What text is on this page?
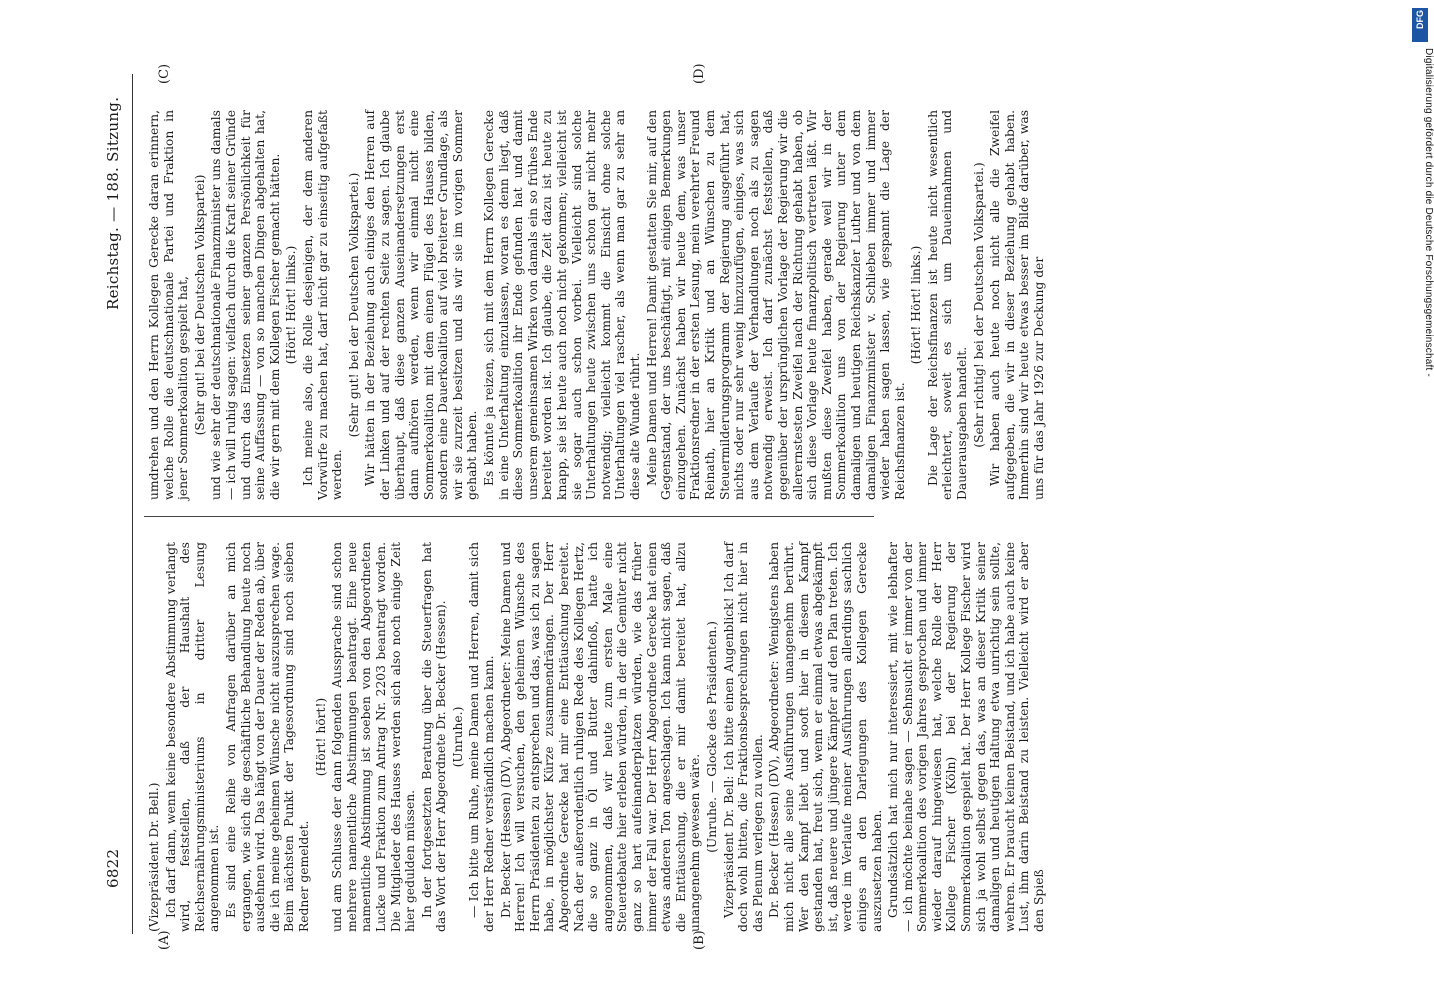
6822
Reichstag. — 188. Sitzung.
(A)	(B)
(C)	(D)

(Vizepräsident Dr. Bell.) Ich darf dann, wenn keine besondere Abstimmung verlangt wird, feststellen, daß der Haushalt des Reichsernährungsministeriums in dritter Lesung angenommen ist. Es sind eine Reihe von Anfragen darüber an mich ergangen, wie sich die geschäftliche Behandlung heute noch ausdehnen wird. Das hängt von der Dauer der Reden ab, über die ich meine geheimen Wünsche nicht auszusprechen wage. Beim nächsten Punkt der Tagesordnung sind noch sieben Redner gemeldet.

(Hört! hört!) und am Schlusse der dann folgenden Aussprache sind schon mehrere namentliche Abstimmungen beantragt. Eine neue namentliche Abstimmung ist soeben von den Abgeordneten Lucke und Fraktion zum Antrag Nr. 2203 beantragt worden. Die Mitglieder des Hauses werden sich also noch einige Zeit hier gedulden müssen. In der fortgesetzten Beratung über die Steuerfragen hat das Wort der Herr Abgeordnete Dr. Becker (Hessen). (Unruhe.) — Ich bitte um Ruhe, meine Damen und Herren, damit sich der Herr Redner verständlich machen kann. Dr. Becker (Hessen) (DV), Abgeordneter: Meine Damen und Herren! Ich will versuchen, den geheimen Wünsche des Herrn Präsidenten zu entsprechen und das, was ich zu sagen habe, in möglichster Kürze zusammendrängen. Der Herr Abgeordnete Gerecke hat mir eine Enttäuschung bereitet. Nach der außerordentlich ruhigen Rede des Kollegen Hertz, die so ganz in Öl und Butter dahinfloß, hatte ich angenommen, daß wir heute zum ersten Male eine Steuerdebatte hier erleben würden, in der die Gemüter nicht ganz so hart aufeinanderplatzen würden, wie das früher immer der Fall war. Der Herr Abgeordnete Gerecke hat einen etwas anderen Ton angeschlagen. Ich kann nicht sagen, daß die Enttäuschung, die er mir damit bereitet hat, allzu unangenehm gewesen wäre. (Unruhe. — Glocke des Präsidenten.) Vizepräsident Dr. Bell: Ich bitte einen Augenblick! Ich darf doch wohl bitten, die Fraktionsbesprechungen nicht hier in das Plenum verlegen zu wollen. Dr. Becker (Hessen) (DV), Abgeordneter: Wenigstens haben mich nicht alle seine Ausführungen unangenehm berührt. Wer den Kampf liebt und sooft hier in diesem Kampf gestanden hat, freut sich, wenn er einmal etwas abgekämpft ist, daß neuere und jüngere Kämpfer auf den Plan treten. Ich werde im Verlaufe meiner Ausführungen allerdings sachlich einiges an den Darlegungen des Kollegen Gerecke auszusetzen haben. Grundsätzlich hat mich nur interessiert, mit wie lebhafter — ich möchte beinahe sagen — Sehnsucht er immer von der Sommerkoalition des vorigen Jahres gesprochen und immer wieder darauf hingewiesen hat, welche Rolle der Herr Kollege Fischer (Köln) bei der Regierung der Sommerkoalition gespielt hat. Der Herr Kollege Fischer wird sich ja wohl selbst gegen das, was an dieser Kritik seiner damaligen und heutigen Haltung etwa unrichtig sein sollte, wehren. Er braucht keinen Beistand, und ich habe auch keine Lust, ihm darin Beistand zu leisten. Vielleicht wird er aber den Spieß

umdrehen und den Herrn Kollegen Gerecke daran erinnern, welche Rolle die deutschnationale Partei und Fraktion in jener Sommerkoalition gespielt hat, (Sehr gut! bei der Deutschen Volkspartei) und wie sehr der deutschnationale Finanzminister uns damals — ich will ruhig sagen: vielfach durch die Kraft seiner Gründe und durch das Einsetzen seiner ganzen Persönlichkeit für seine Auffassung — von so manchen Dingen abgehalten hat, die wir gern mit dem Kollegen Fischer gemacht hätten. (Hört! Hört! links.) Ich meine also, die Rolle desjenigen, der dem anderen Vorwürfe zu machen hat, darf nicht gar zu einseitig aufgefaßt werden.

(Sehr gut! bei der Deutschen Volkspartei.) Wir hätten in der Beziehung auch einiges den Herren auf der Linken und auf der rechten Seite zu sagen. Ich glaube überhaupt, daß diese ganzen Auseinandersetzungen erst dann aufhören werden, wenn wir einmal nicht eine Sommerkoalition mit dem einen Flügel des Hauses bilden, sondern eine Dauerkoalition auf viel breiterer Grundlage, als wir sie zurzeit besitzen und als wir sie im vorigen Sommer gehabt haben. Es könnte ja reizen, sich mit dem Herrn Kollegen Gerecke in eine Unterhaltung einzulassen, woran es denn liegt, daß diese Sommerkoalition ihr Ende gefunden hat und damit unserem gemeinsamen Wirken von damals ein so frühes Ende bereitet worden ist. Ich glaube, die Zeit dazu ist heute zu knapp, sie ist heute auch noch nicht gekommen; vielleicht ist sie sogar auch schon vorbei. Vielleicht sind solche Unterhaltungen heute zwischen uns schon gar nicht mehr notwendig; vielleicht kommt die Einsicht ohne solche Unterhaltungen viel rascher, als wenn man gar zu sehr an diese alte Wunde rührt. Meine Damen und Herren! Damit gestatten Sie mir, auf den Gegenstand, der uns beschäftigt, mit einigen Bemerkungen einzugehen. Zunächst haben wir heute dem, was unser Fraktionsredner in der ersten Lesung, mein verehrter Freund Reinath, hier an Kritik und an Wünschen zu dem Steuermilderungsprogramm der Regierung ausgeführt hat, nichts oder nur sehr wenig hinzuzufügen, einiges, was sich aus dem Verlaufe der Verhandlungen noch als zu sagen notwendig erweist. Ich darf zunächst feststellen, daß gegenüber der ursprünglichen Vorlage der Regierung wir die allerernstesten Zweifel nach der Richtung gehabt haben, ob sich diese Vorlage heute finanzpolitisch vertreten läßt. Wir mußten diese Zweifel haben, gerade weil wir in der Sommerkoalition uns von der Regierung unter dem damaligen und heutigen Reichskanzler Luther und von dem damaligen Finanzminister v. Schlieben immer und immer wieder haben sagen lassen, wie gespannt die Lage der Reichsfinanzen ist.

(Hört! Hört! links.) Die Lage der Reichsfinanzen ist heute nicht wesentlich erleichtert, soweit es sich um Daueinnahmen und Dauerausgaben handelt. (Sehr richtig! bei der Deutschen Volkspartei.) Wir haben auch heute noch nicht alle die Zweifel aufgegeben, die wir in dieser Beziehung gehabt haben. Immerhin sind wir heute etwas besser im Bilde darüber, was uns für das Jahr 1926 zur Deckung der

Digitalisierung gefördert durch die Deutsche Forschungsgemeinschaft -
DFG
